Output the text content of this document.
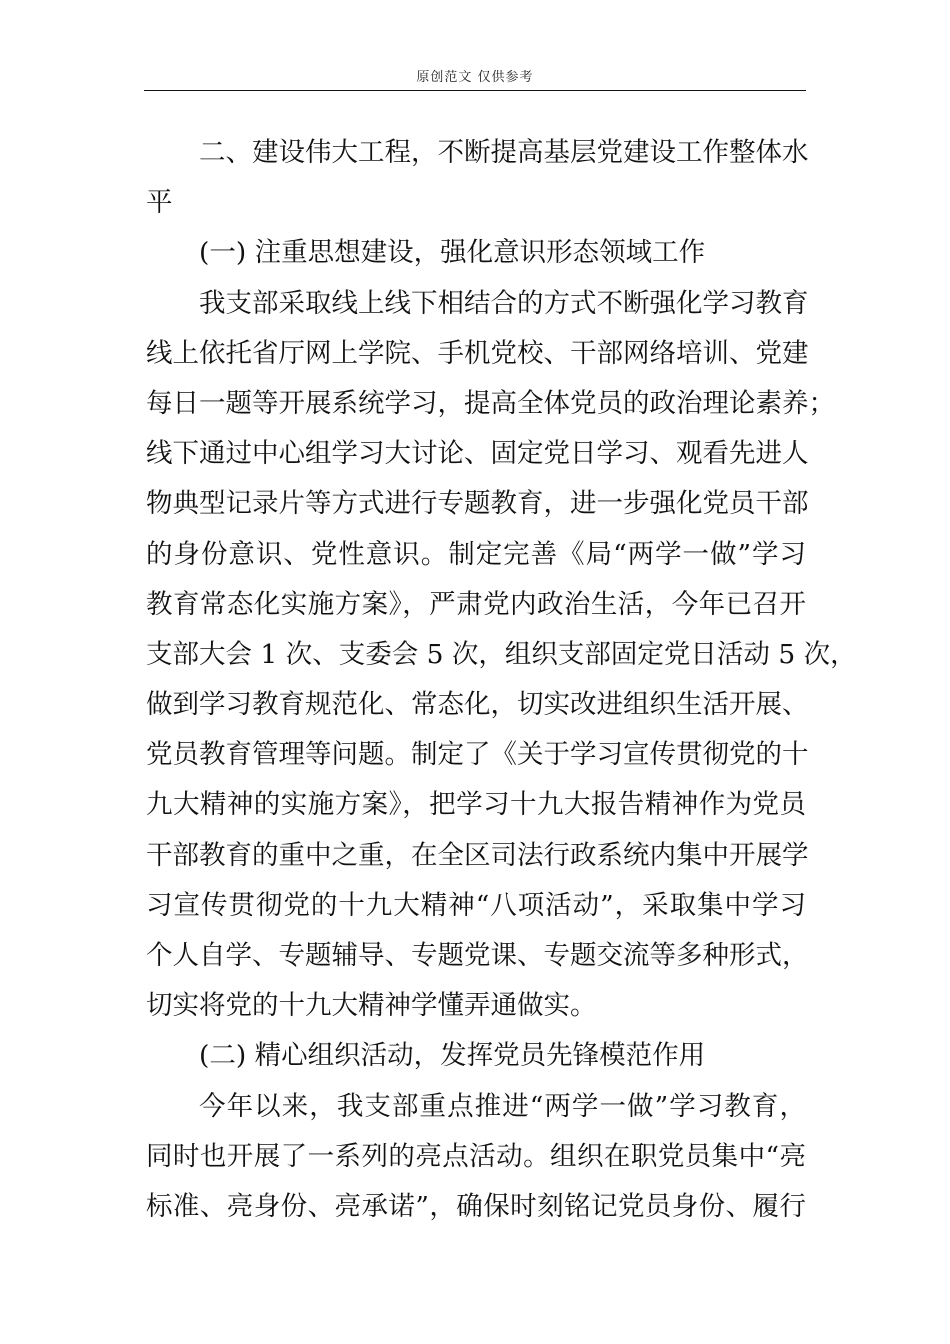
原创范文 仅供参考
二、建设伟大工程，不断提高基层党建设工作整体水
平
(一) 注重思想建设，强化意识形态领域工作
我支部采取线上线下相结合的方式不断强化学习教育
线上依托省厅网上学院、手机党校、干部网络培训、党建
每日一题等开展系统学习，提高全体党员的政治理论素养；
线下通过中心组学习大讨论、固定党日学习、观看先进人
物典型记录片等方式进行专题教育，进一步强化党员干部
的身份意识、党性意识。制定完善《局“两学一做”学习
教育常态化实施方案》，严肃党内政治生活，今年已召开
支部大会 1 次、支委会 5 次，组织支部固定党日活动 5 次，
做到学习教育规范化、常态化，切实改进组织生活开展、
党员教育管理等问题。制定了《关于学习宣传贯彻党的十
九大精神的实施方案》，把学习十九大报告精神作为党员
干部教育的重中之重，在全区司法行政系统内集中开展学
习宣传贯彻党的十九大精神“八项活动”，采取集中学习
个人自学、专题辅导、专题党课、专题交流等多种形式，
切实将党的十九大精神学懂弄通做实。
(二) 精心组织活动，发挥党员先锋模范作用
今年以来，我支部重点推进“两学一做”学习教育，
同时也开展了一系列的亮点活动。组织在职党员集中“亮
标准、亮身份、亮承诺”，确保时刻铭记党员身份、履行
